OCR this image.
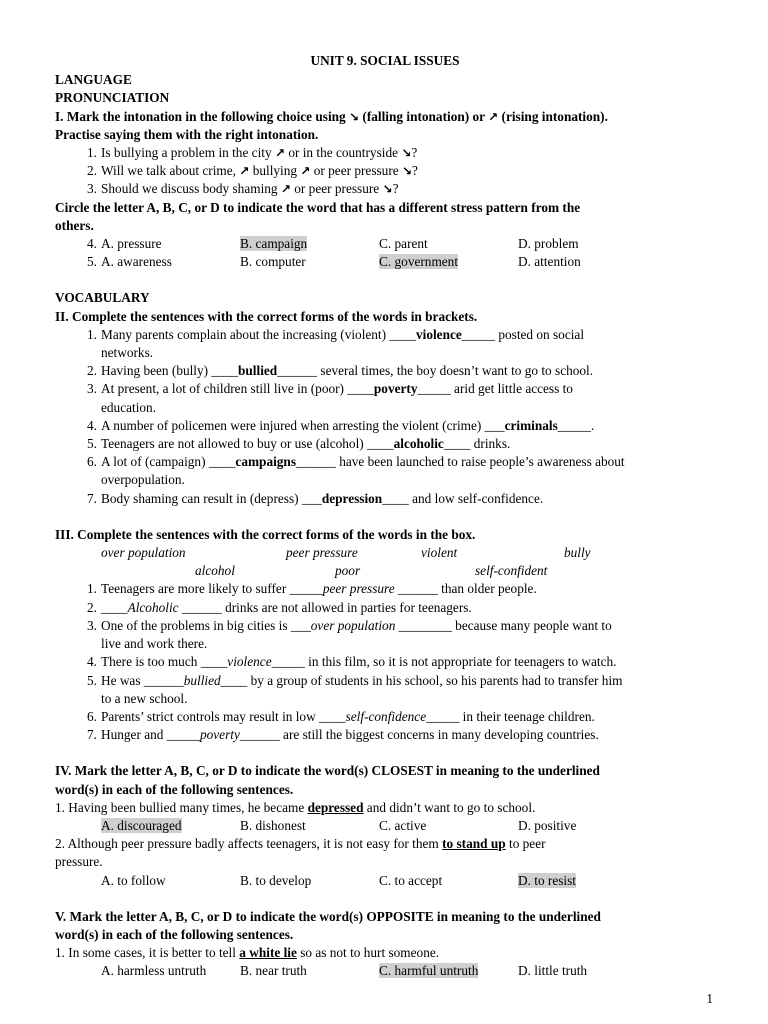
UNIT 9. SOCIAL ISSUES
LANGUAGE
PRONUNCIATION
I. Mark the intonation in the following choice using ↘ (falling intonation) or ↗ (rising intonation).
Practise saying them with the right intonation.
1. Is bullying a problem in the city ↗ or in the countryside ↘?
2. Will we talk about crime, ↗ bullying ↗ or peer pressure ↘?
3. Should we discuss body shaming ↗ or peer pressure ↘?
Circle the letter A, B, C, or D to indicate the word that has a different stress pattern from the
others.
4. A. pressure	B. campaign	C. parent	D. problem
5. A. awareness	B. computer	C. government	D. attention
VOCABULARY
II. Complete the sentences with the correct forms of the words in brackets.
1. Many parents complain about the increasing (violent) ____violence_____ posted on social
networks.
2. Having been (bully) ____bullied______ several times, the boy doesn’t want to go to school.
3. At present, a lot of children still live in (poor) ____poverty_____ arid get little access to
education.
4. A number of policemen were injured when arresting the violent (crime) ___criminals_____.
5. Teenagers are not allowed to buy or use (alcohol) ____alcoholic____ drinks.
6. A lot of (campaign) ____campaigns______ have been launched to raise people’s awareness about
overpopulation.
7. Body shaming can result in (depress) ___depression____ and low self-confidence.
III. Complete the sentences with the correct forms of the words in the box.
over population	peer pressure	violent	bully
alcohol	poor	self-confident
1. Teenagers are more likely to suffer _____peer pressure ______ than older people.
2. ____Alcoholic ______ drinks are not allowed in parties for teenagers.
3. One of the problems in big cities is ___over population ________ because many people want to
live and work there.
4. There is too much ____violence_____ in this film, so it is not appropriate for teenagers to watch.
5. He was ______bullied____ by a group of students in his school, so his parents had to transfer him
to a new school.
6. Parents’ strict controls may result in low ____self-confidence_____ in their teenage children.
7. Hunger and _____poverty______ are still the biggest concerns in many developing countries.
IV. Mark the letter A, B, C, or D to indicate the word(s) CLOSEST in meaning to the underlined
word(s) in each of the following sentences.
1. Having been bullied many times, he became depressed and didn’t want to go to school.
A. discouraged	B. dishonest	C. active	D. positive
2. Although peer pressure badly affects teenagers, it is not easy for them to stand up to peer
pressure.
A. to follow	B. to develop	C. to accept	D. to resist
V. Mark the letter A, B, C, or D to indicate the word(s) OPPOSITE in meaning to the underlined
word(s) in each of the following sentences.
1. In some cases, it is better to tell a white lie so as not to hurt someone.
A. harmless untruth	B. near truth	C. harmful untruth	D. little truth
1
